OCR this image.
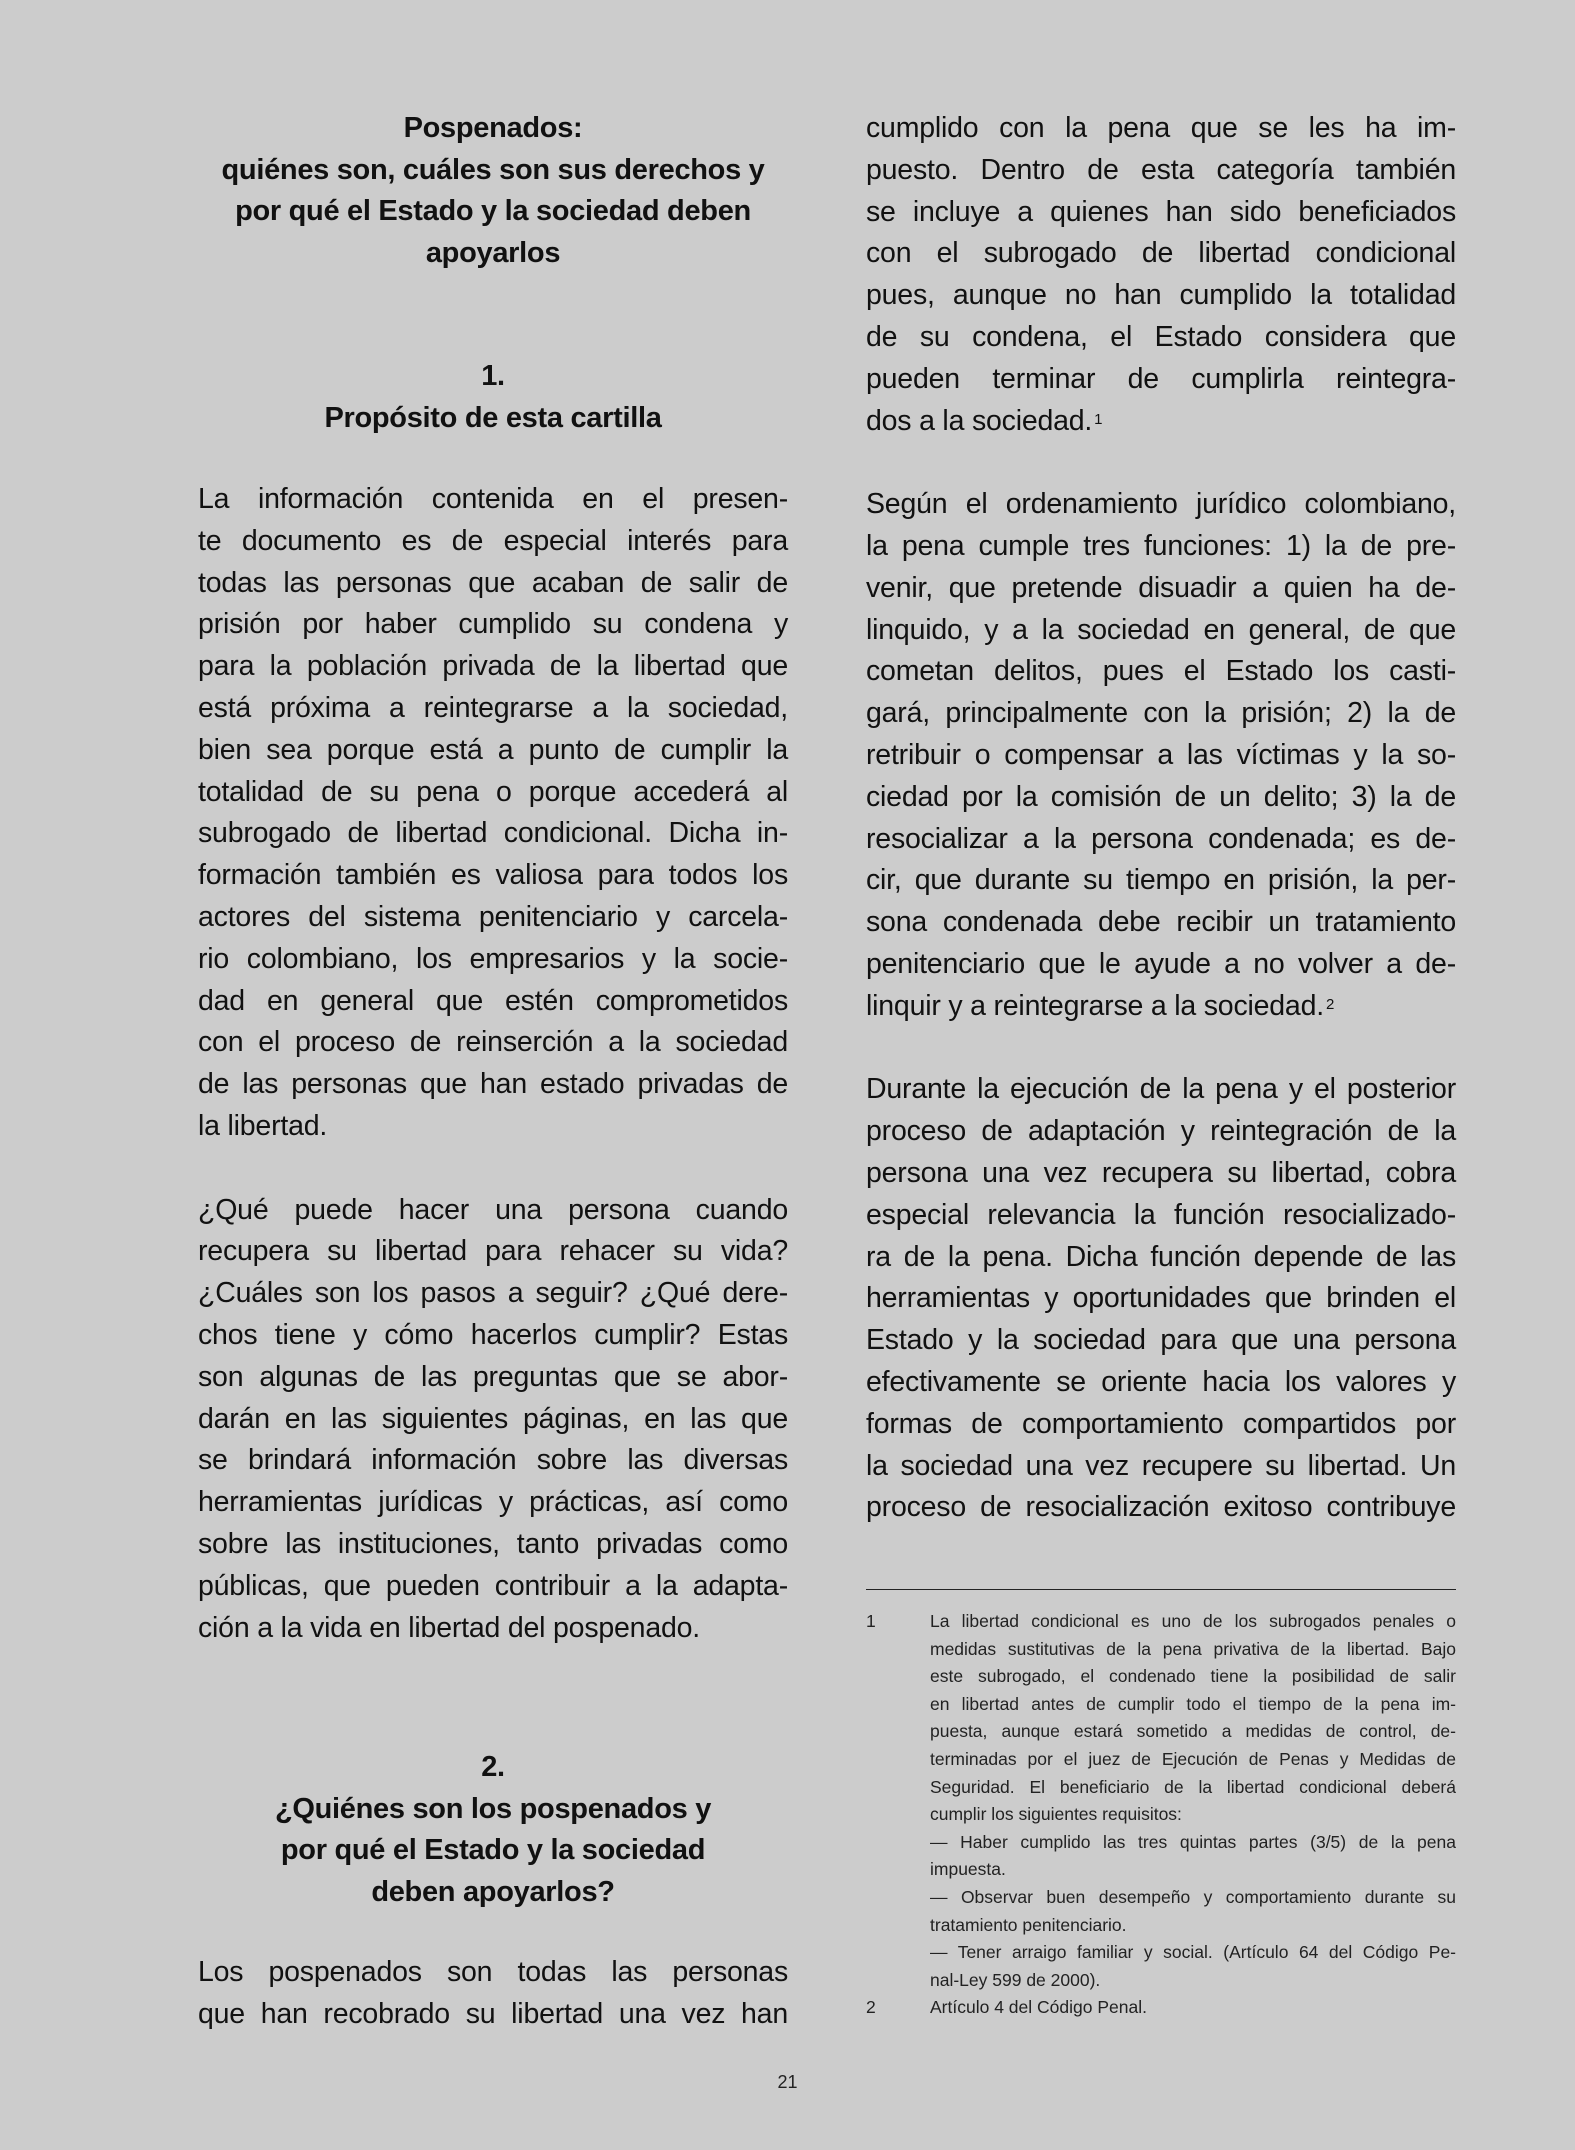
Pospenados:
quiénes son, cuáles son sus derechos y
por qué el Estado y la sociedad deben
apoyarlos
1.
Propósito de esta cartilla
La información contenida en el presen-
te documento es de especial interés para
todas las personas que acaban de salir de
prisión por haber cumplido su condena y
para la población privada de la libertad que
está próxima a reintegrarse a la sociedad,
bien sea porque está a punto de cumplir la
totalidad de su pena o porque accederá al
subrogado de libertad condicional. Dicha in-
formación también es valiosa para todos los
actores del sistema penitenciario y carcela-
rio colombiano, los empresarios y la socie-
dad en general que estén comprometidos
con el proceso de reinserción a la sociedad
de las personas que han estado privadas de
la libertad.
¿Qué puede hacer una persona cuando
recupera su libertad para rehacer su vida?
¿Cuáles son los pasos a seguir? ¿Qué dere-
chos tiene y cómo hacerlos cumplir? Estas
son algunas de las preguntas que se abor-
darán en las siguientes páginas, en las que
se brindará información sobre las diversas
herramientas jurídicas y prácticas, así como
sobre las instituciones, tanto privadas como
públicas, que pueden contribuir a la adapta-
ción a la vida en libertad del pospenado.
2.
¿Quiénes son los pospenados y
por qué el Estado y la sociedad
deben apoyarlos?
Los pospenados son todas las personas
que han recobrado su libertad una vez han
cumplido con la pena que se les ha im-
puesto. Dentro de esta categoría también
se incluye a quienes han sido beneficiados
con el subrogado de libertad condicional
pues, aunque no han cumplido la totalidad
de su condena, el Estado considera que
pueden terminar de cumplirla reintegra-
dos a la sociedad. $^1$
Según el ordenamiento jurídico colombiano,
la pena cumple tres funciones: 1) la de pre-
venir, que pretende disuadir a quien ha de-
linquido, y a la sociedad en general, de que
cometan delitos, pues el Estado los casti-
gará, principalmente con la prisión; 2) la de
retribuir o compensar a las víctimas y la so-
ciedad por la comisión de un delito; 3) la de
resocializar a la persona condenada; es de-
cir, que durante su tiempo en prisión, la per-
sona condenada debe recibir un tratamiento
penitenciario que le ayude a no volver a de-
linquir y a reintegrarse a la sociedad. $^2$
Durante la ejecución de la pena y el posterior
proceso de adaptación y reintegración de la
persona una vez recupera su libertad, cobra
especial relevancia la función resocializado-
ra de la pena. Dicha función depende de las
herramientas y oportunidades que brinden el
Estado y la sociedad para que una persona
efectivamente se oriente hacia los valores y
formas de comportamiento compartidos por
la sociedad una vez recupere su libertad. Un
proceso de resocialización exitoso contribuye
1	La libertad condicional es uno de los subrogados penales o
medidas sustitutivas de la pena privativa de la libertad. Bajo
este subrogado, el condenado tiene la posibilidad de salir
en libertad antes de cumplir todo el tiempo de la pena im-
puesta, aunque estará sometido a medidas de control, de-
terminadas por el juez de Ejecución de Penas y Medidas de
Seguridad. El beneficiario de la libertad condicional deberá
cumplir los siguientes requisitos:
— Haber cumplido las tres quintas partes (3/5) de la pena
impuesta.
— Observar buen desempeño y comportamiento durante su
tratamiento penitenciario.
— Tener arraigo familiar y social. (Artículo 64 del Código Pe-
nal-Ley 599 de 2000).
2	Artículo 4 del Código Penal.
21
